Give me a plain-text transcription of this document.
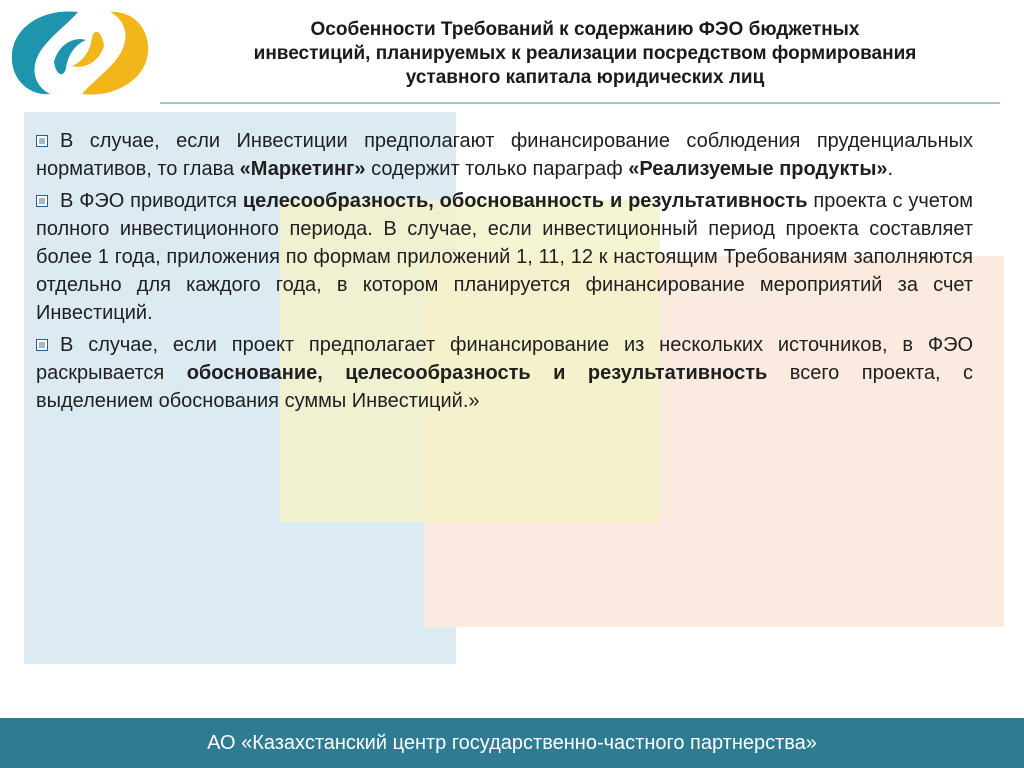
Особенности Требований к содержанию ФЭО бюджетных
инвестиций, планируемых к реализации посредством формирования
уставного капитала юридических лиц

В случае, если Инвестиции предполагают финансирование соблюдения пруденциальных нормативов, то глава «Маркетинг» содержит только параграф «Реализуемые продукты».

В ФЭО приводится целесообразность, обоснованность и результативность проекта с учетом полного инвестиционного периода. В случае, если инвестиционный период проекта составляет более 1 года, приложения по формам приложений 1, 11, 12 к настоящим Требованиям заполняются отдельно для каждого года, в котором планируется финансирование мероприятий за счет Инвестиций.

В случае, если проект предполагает финансирование из нескольких источников, в ФЭО раскрывается обоснование, целесообразность и результативность всего проекта, с выделением обоснования суммы Инвестиций.»

АО «Казахстанский центр государственно-частного партнерства»
